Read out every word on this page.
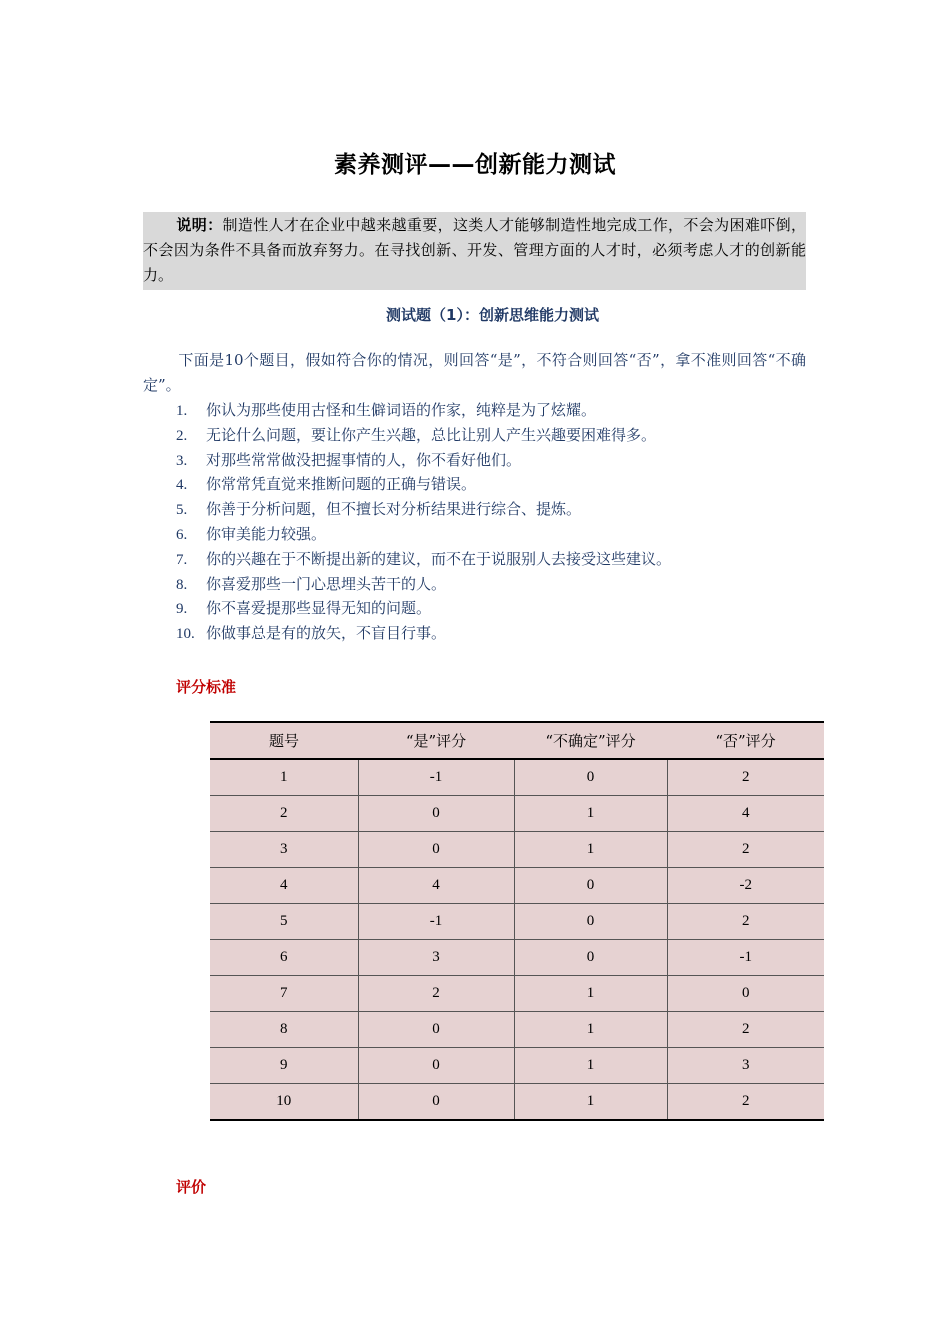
素养测评——创新能力测试
说明：制造性人才在企业中越来越重要，这类人才能够制造性地完成工作，不会为困难吓倒，不会因为条件不具备而放弃努力。在寻找创新、开发、管理方面的人才时，必须考虑人才的创新能力。
测试题（1）：创新思维能力测试
下面是10个题目，假如符合你的情况，则回答“是”，不符合则回答“否”，拿不准则回答“不确定”。
1. 你认为那些使用古怪和生僻词语的作家，纯粹是为了炫耀。
2. 无论什么问题，要让你产生兴趣，总比让别人产生兴趣要困难得多。
3. 对那些常常做没把握事情的人，你不看好他们。
4. 你常常凭直觉来推断问题的正确与错误。
5. 你善于分析问题，但不擅长对分析结果进行综合、提炼。
6. 你审美能力较强。
7. 你的兴趣在于不断提出新的建议，而不在于说服别人去接受这些建议。
8. 你喜爱那些一门心思埋头苦干的人。
9. 你不喜爱提那些显得无知的问题。
10. 你做事总是有的放矢，不盲目行事。
评分标准
题号	“是”评分	“不确定”评分	“否”评分
1	-1	0	2
2	0	1	4
3	0	1	2
4	4	0	-2
5	-1	0	2
6	3	0	-1
7	2	1	0
8	0	1	2
9	0	1	3
10	0	1	2
评价
